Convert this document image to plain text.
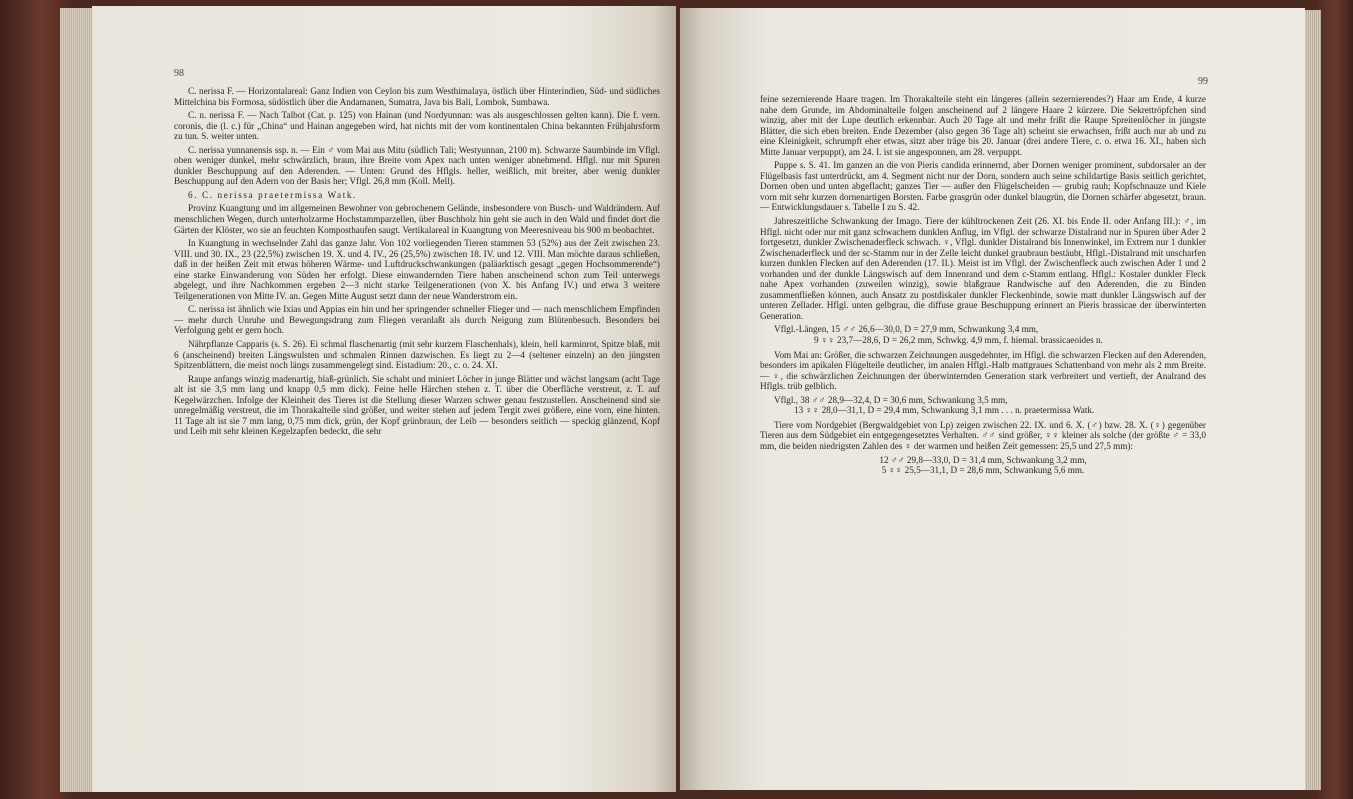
98

C. nerissa F. — Horizontalareal: Ganz Indien von Ceylon bis zum Westhimalaya, östlich über Hinterindien, Süd- und südliches Mittelchina bis Formosa, südöstlich über die Andamanen, Sumatra, Java bis Bali, Lombok, Sumbawa.

C. n. nerissa F. — Nach Talbot (Cat. p. 125) von Hainan (und Nordyunnan: was als ausgeschlossen gelten kann). Die f. vern. coronis, die (l. c.) für „China“ und Hainan angegeben wird, hat nichts mit der vom kontinentalen China bekannten Frühjahrsform zu tun. S. weiter unten.

C. nerissa yunnanensis ssp. n. — Ein ♂ vom Mai aus Mitu (südlich Tali; Westyunnan, 2100 m). Schwarze Saumbinde im Vflgl. oben weniger dunkel, mehr schwärzlich, braun, ihre Breite vom Apex nach unten weniger abnehmend. Hflgl. nur mit Spuren dunkler Beschuppung auf den Aderenden. — Unten: Grund des Hflgls. heller, weißlich, mit breiter, aber wenig dunkler Beschuppung auf den Adern von der Basis her; Vflgl. 26,8 mm (Koll. Mell).

6. C. nerissa praetermissa Watk.

Provinz Kuangtung und im allgemeinen Bewohner von gebrochenem Gelände, insbesondere von Busch- und Waldrändern. Auf menschlichen Wegen, durch unterholzarme Hochstammparzellen, über Buschholz hin geht sie auch in den Wald und findet dort die Gärten der Klöster, wo sie an feuchten Komposthaufen saugt. Vertikalareal in Kuangtung von Meeresniveau bis 900 m beobachtet.

In Kuangtung in wechselnder Zahl das ganze Jahr. Von 102 vorliegenden Tieren stammen 53 (52%) aus der Zeit zwischen 23. VIII. und 30. IX., 23 (22,5%) zwischen 19. X. und 4. IV., 26 (25,5%) zwischen 18. IV. und 12. VIII. Man möchte daraus schließen, daß in der heißen Zeit mit etwas höheren Wärme- und Luftdruckschwankungen (paläarktisch gesagt „gegen Hochsommerende“) eine starke Einwanderung von Süden her erfolgt. Diese einwandernden Tiere haben anscheinend schon zum Teil unterwegs abgelegt, und ihre Nachkommen ergeben 2—3 nicht starke Teilgenerationen (von X. bis Anfang IV.) und etwa 3 weitere Teilgenerationen von Mitte IV. an. Gegen Mitte August setzt dann der neue Wanderstrom ein.

C. nerissa ist ähnlich wie Ixias und Appias ein hin und her springender schneller Flieger und — nach menschlichem Empfinden — mehr durch Unruhe und Bewegungsdrang zum Fliegen veranlaßt als durch Neigung zum Blütenbesuch. Besonders bei Verfolgung geht er gern hoch.

Nährpflanze Capparis (s. S. 26). Ei schmal flaschenartig (mit sehr kurzem Flaschenhals), klein, hell karminrot, Spitze blaß, mit 6 (anscheinend) breiten Längswulsten und schmalen Rinnen dazwischen. Es liegt zu 2—4 (seltener einzeln) an den jüngsten Spitzenblättern, die meist noch längs zusammengelegt sind. Eistadium: 20., c. o. 24. XI.

Raupe anfangs winzig madenartig, blaß-grünlich. Sie schabt und miniert Löcher in junge Blätter und wächst langsam (acht Tage alt ist sie 3,5 mm lang und knapp 0,5 mm dick). Feine helle Härchen stehen z. T. über die Oberfläche verstreut, z. T. auf Kegelwärzchen. Infolge der Kleinheit des Tieres ist die Stellung dieser Warzen schwer genau festzustellen. Anscheinend sind sie unregelmäßig verstreut, die im Thorakalteile sind größer, und weiter stehen auf jedem Tergit zwei größere, eine vorn, eine hinten. 11 Tage alt ist sie 7 mm lang, 0,75 mm dick, grün, der Kopf grünbraun, der Leib — besonders seitlich — speckig glänzend, Kopf und Leib mit sehr kleinen Kegelzapfen bedeckt, die sehr

99

feine sezernierende Haare tragen. Im Thorakalteile steht ein längeres (allein sezernierendes?) Haar am Ende, 4 kurze nahe dem Grunde, im Abdominalteile folgen anscheinend auf 2 längere Haare 2 kürzere. Die Sekrettröpfchen sind winzig, aber mit der Lupe deutlich erkennbar. Auch 20 Tage alt und mehr frißt die Raupe Spreitenlöcher in jüngste Blätter, die sich eben breiten. Ende Dezember (also gegen 36 Tage alt) scheint sie erwachsen, frißt auch nur ab und zu eine Kleinigkeit, schrumpft eher etwas, sitzt aber träge bis 20. Januar (drei andere Tiere, c. o. etwa 16. XI., haben sich Mitte Januar verpuppt), am 24. I. ist sie angesponnen, am 28. verpuppt.

Puppe s. S. 41. Im ganzen an die von Pieris candida erinnernd, aber Dornen weniger prominent, subdorsaler an der Flügelbasis fast unterdrückt, am 4. Segment nicht nur der Dorn, sondern auch seine schildartige Basis seitlich gerichtet, Dornen oben und unten abgeflacht; ganzes Tier — außer den Flügelscheiden — grubig rauh; Kopfschnauze und Kiele vorn mit sehr kurzen dornenartigen Borsten. Farbe grasgrün oder dunkel blaugrün, die Dornen schärfer abgesetzt, braun. — Entwicklungsdauer s. Tabelle I zu S. 42.

Jahreszeitliche Schwankung der Imago. Tiere der kühltrockenen Zeit (26. XI. bis Ende II. oder Anfang III.): ♂, im Hflgl. nicht oder nur mit ganz schwachem dunklen Anflug, im Vflgl. der schwarze Distalrand nur in Spuren über Ader 2 fortgesetzt, dunkler Zwischenaderfleck schwach. ♀, Vflgl. dunkler Distalrand bis Innenwinkel, im Extrem nur 1 dunkler Zwischenaderfleck und der sc-Stamm nur in der Zelle leicht dunkel graubraun bestäubt, Hflgl.-Distalrand mit unscharfen kurzen dunklen Flecken auf den Aderenden (17. II.). Meist ist im Vflgl. der Zwischenfleck auch zwischen Ader 1 und 2 vorhanden und der dunkle Längswisch auf dem Innenrand und dem c-Stamm entlang. Hflgl.: Kostaler dunkler Fleck nahe Apex vorhanden (zuweilen winzig), sowie blaßgraue Randwische auf den Aderenden, die zu Binden zusammenfließen können, auch Ansatz zu postdiskaler dunkler Fleckenbinde, sowie matt dunkler Längswisch auf der unteren Zellader. Hflgl. unten gelbgrau, die diffuse graue Beschuppung erinnert an Pieris brassicae der überwinterten Generation.

Vflgl.-Längen, 15 ♂♂ 26,6—30,0, D = 27,9 mm, Schwankung 3,4 mm,
9 ♀♀ 23,7—28,6, D = 26,2 mm, Schwkg. 4,9 mm, f. hiemal. brassicaeoides n.

Vom Mai an: Größer, die schwarzen Zeichnungen ausgedehnter, im Hflgl. die schwarzen Flecken auf den Aderenden, besonders im apikalen Flügelteile deutlicher, im analen Hflgl.-Halb mattgraues Schattenband von mehr als 2 mm Breite. — ♀, die schwärzlichen Zeichnungen der überwinternden Generation stark verbreitert und vertieft, der Analrand des Hflgls. trüb gelblich.

Vflgl., 38 ♂♂ 28,9—32,4, D = 30,6 mm, Schwankung 3,5 mm,
13 ♀♀ 28,0—31,1, D = 29,4 mm, Schwankung 3,1 mm . . . n. praetermissa Watk.

Tiere vom Nordgebiet (Bergwaldgebiet von Lp) zeigen zwischen 22. IX. und 6. X. (♂) bzw. 28. X. (♀) gegenüber Tieren aus dem Südgebiet ein entgegengesetztes Verhalten. ♂♂ sind größer, ♀♀ kleiner als solche (der größte ♂ = 33,0 mm, die beiden niedrigsten Zahlen des ♀ der warmen und heißen Zeit gemessen: 25,5 und 27,5 mm):

12 ♂♂ 29,8—33,0, D = 31,4 mm, Schwankung 3,2 mm,
5 ♀♀ 25,5—31,1, D = 28,6 mm, Schwankung 5,6 mm.
